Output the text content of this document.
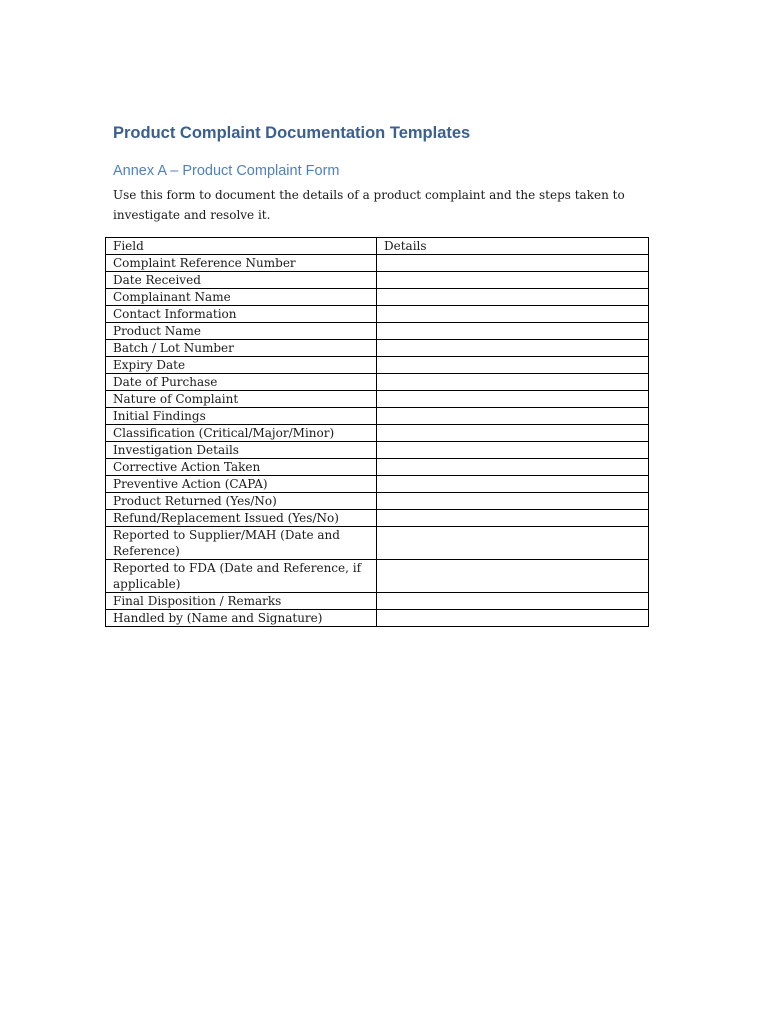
Product Complaint Documentation Templates
Annex A – Product Complaint Form

Use this form to document the details of a product complaint and the steps taken to investigate and resolve it.

Field	Details
Complaint Reference Number	
Date Received	
Complainant Name	
Contact Information	
Product Name	
Batch / Lot Number	
Expiry Date	
Date of Purchase	
Nature of Complaint	
Initial Findings	
Classification (Critical/Major/Minor)	
Investigation Details	
Corrective Action Taken	
Preventive Action (CAPA)	
Product Returned (Yes/No)	
Refund/Replacement Issued (Yes/No)	
Reported to Supplier/MAH (Date and Reference)	
Reported to FDA (Date and Reference, if applicable)	
Final Disposition / Remarks	
Handled by (Name and Signature)	
